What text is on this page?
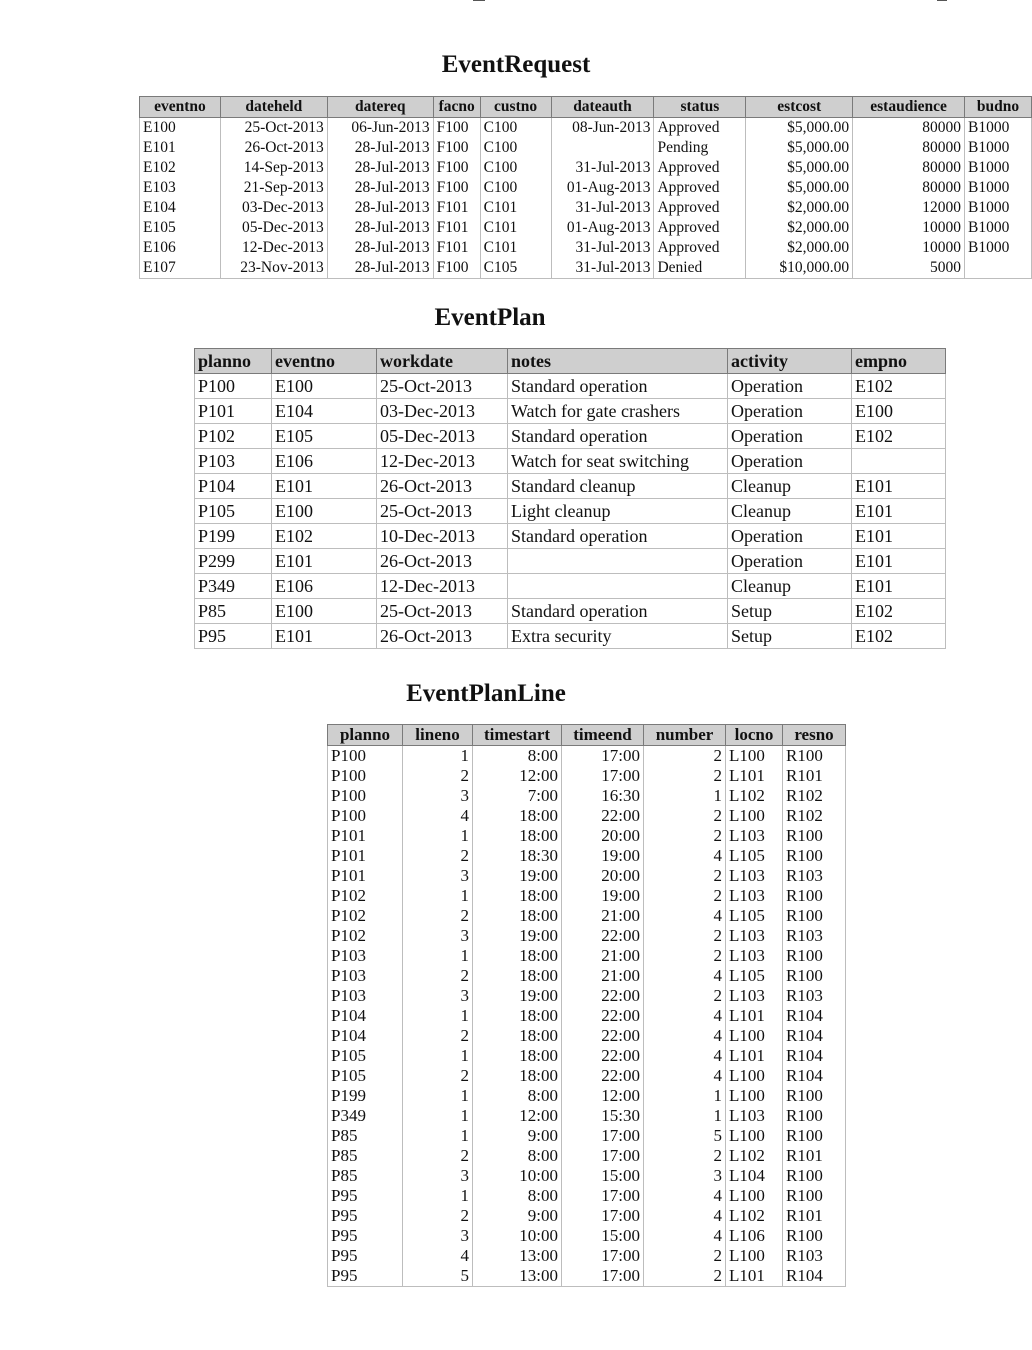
EventRequest
eventno	dateheld	datereq	facno	custno	dateauth	status	estcost	estaudience	budno
E100	25-Oct-2013	06-Jun-2013	F100	C100	08-Jun-2013	Approved	$5,000.00	80000	B1000
E101	26-Oct-2013	28-Jul-2013	F100	C100		Pending	$5,000.00	80000	B1000
E102	14-Sep-2013	28-Jul-2013	F100	C100	31-Jul-2013	Approved	$5,000.00	80000	B1000
E103	21-Sep-2013	28-Jul-2013	F100	C100	01-Aug-2013	Approved	$5,000.00	80000	B1000
E104	03-Dec-2013	28-Jul-2013	F101	C101	31-Jul-2013	Approved	$2,000.00	12000	B1000
E105	05-Dec-2013	28-Jul-2013	F101	C101	01-Aug-2013	Approved	$2,000.00	10000	B1000
E106	12-Dec-2013	28-Jul-2013	F101	C101	31-Jul-2013	Approved	$2,000.00	10000	B1000
E107	23-Nov-2013	28-Jul-2013	F100	C105	31-Jul-2013	Denied	$10,000.00	5000	
EventPlan
planno	eventno	workdate	notes	activity	empno
P100	E100	25-Oct-2013	Standard operation	Operation	E102
P101	E104	03-Dec-2013	Watch for gate crashers	Operation	E100
P102	E105	05-Dec-2013	Standard operation	Operation	E102
P103	E106	12-Dec-2013	Watch for seat switching	Operation	
P104	E101	26-Oct-2013	Standard cleanup	Cleanup	E101
P105	E100	25-Oct-2013	Light cleanup	Cleanup	E101
P199	E102	10-Dec-2013	Standard operation	Operation	E101
P299	E101	26-Oct-2013		Operation	E101
P349	E106	12-Dec-2013		Cleanup	E101
P85	E100	25-Oct-2013	Standard operation	Setup	E102
P95	E101	26-Oct-2013	Extra security	Setup	E102
EventPlanLine
planno	lineno	timestart	timeend	number	locno	resno
P100	1	8:00	17:00	2	L100	R100
P100	2	12:00	17:00	2	L101	R101
P100	3	7:00	16:30	1	L102	R102
P100	4	18:00	22:00	2	L100	R102
P101	1	18:00	20:00	2	L103	R100
P101	2	18:30	19:00	4	L105	R100
P101	3	19:00	20:00	2	L103	R103
P102	1	18:00	19:00	2	L103	R100
P102	2	18:00	21:00	4	L105	R100
P102	3	19:00	22:00	2	L103	R103
P103	1	18:00	21:00	2	L103	R100
P103	2	18:00	21:00	4	L105	R100
P103	3	19:00	22:00	2	L103	R103
P104	1	18:00	22:00	4	L101	R104
P104	2	18:00	22:00	4	L100	R104
P105	1	18:00	22:00	4	L101	R104
P105	2	18:00	22:00	4	L100	R104
P199	1	8:00	12:00	1	L100	R100
P349	1	12:00	15:30	1	L103	R100
P85	1	9:00	17:00	5	L100	R100
P85	2	8:00	17:00	2	L102	R101
P85	3	10:00	15:00	3	L104	R100
P95	1	8:00	17:00	4	L100	R100
P95	2	9:00	17:00	4	L102	R101
P95	3	10:00	15:00	4	L106	R100
P95	4	13:00	17:00	2	L100	R103
P95	5	13:00	17:00	2	L101	R104
